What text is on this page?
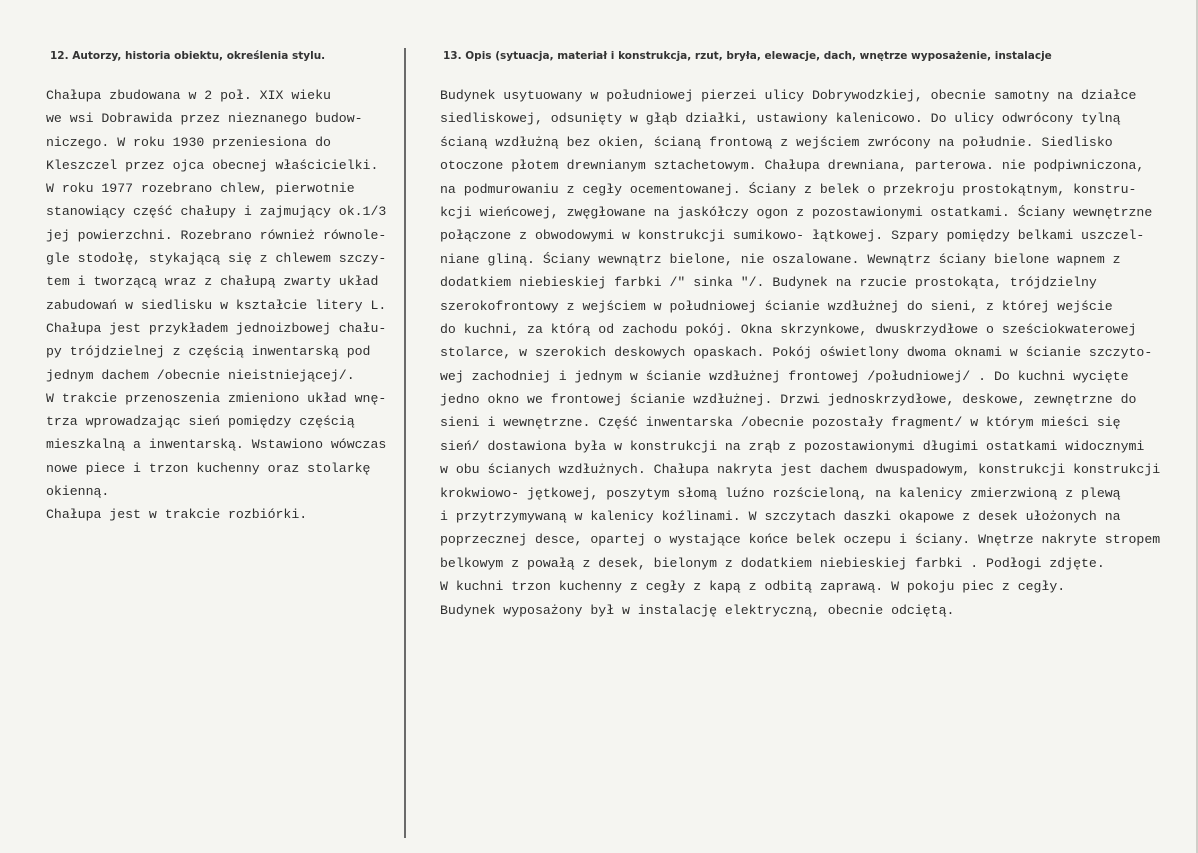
12. Autorzy, historia obiektu, określenia stylu.	13. Opis (sytuacja, materiał i konstrukcja, rzut, bryła, elewacje, dach, wnętrze wyposażenie, instalacje
Chałupa zbudowana w 2 poł. XIX wieku
we wsi Dobrawida przez nieznanego budow-
niczego. W roku 1930 przeniesiona do
Kleszczel przez ojca obecnej właścicielki.
W roku 1977 rozebrano chlew, pierwotnie
stanowiący część chałupy i zajmujący ok.1/3
jej powierzchni. Rozebrano również równole-
gle stodołę, stykającą się z chlewem szczy-
tem i tworzącą wraz z chałupą zwarty układ
zabudowań w siedlisku w kształcie litery L.
Chałupa jest przykładem jednoizbowej chału-
py trójdzielnej z częścią inwentarską pod
jednym dachem /obecnie nieistniejącej/.
W trakcie przenoszenia zmieniono układ wnę-
trza wprowadzając sień pomiędzy częścią
mieszkalną a inwentarską. Wstawiono wówczas
nowe piece i trzon kuchenny oraz stolarkę
okienną.
Chałupa jest w trakcie rozbiórki.
Budynek usytuowany w południowej pierzei ulicy Dobrywodzkiej, obecnie samotny na działce
siedliskowej, odsunięty w głąb działki, ustawiony kalenicowo. Do ulicy odwrócony tylną
ścianą wzdłużną bez okien, ścianą frontową z wejściem zwrócony na południe. Siedlisko
otoczone płotem drewnianym sztachetowym. Chałupa drewniana, parterowa. nie podpiwniczona,
na podmurowaniu z cegły ocementowanej. Ściany z belek o przekroju prostokątnym, konstru-
kcji wieńcowej, zwęgłowane na jaskółczy ogon z pozostawionymi ostatkami. Ściany wewnętrzne
połączone z obwodowymi w konstrukcji sumikowo- łątkowej. Szpary pomiędzy belkami uszczel-
niane gliną. Ściany wewnątrz bielone, nie oszalowane. Wewnątrz ściany bielone wapnem z
dodatkiem niebieskiej farbki /" sinka "/. Budynek na rzucie prostokąta, trójdzielny
szerokofrontowy z wejściem w południowej ścianie wzdłużnej do sieni, z której wejście
do kuchni, za którą od zachodu pokój. Okna skrzynkowe, dwuskrzydłowe o sześciokwaterowej
stolarce, w szerokich deskowych opaskach. Pokój oświetlony dwoma oknami w ścianie szczyto-
wej zachodniej i jednym w ścianie wzdłużnej frontowej /południowej/ . Do kuchni wycięte
jedno okno we frontowej ścianie wzdłużnej. Drzwi jednoskrzydłowe, deskowe, zewnętrzne do
sieni i wewnętrzne. Część inwentarska /obecnie pozostały fragment/ w którym mieści się
sień/ dostawiona była w konstrukcji na zrąb z pozostawionymi długimi ostatkami widocznymi
w obu ścianych wzdłużnych. Chałupa nakryta jest dachem dwuspadowym, konstrukcji konstrukcji
krokwiowo- jętkowej, poszytym słomą luźno rozścieloną, na kalenicy zmierzwioną z plewą
i przytrzymywaną w kalenicy koźlinami. W szczytach daszki okapowe z desek ułożonych na
poprzecznej desce, opartej o wystające końce belek oczepu i ściany. Wnętrze nakryte stropem
belkowym z powałą z desek, bielonym z dodatkiem niebieskiej farbki . Podłogi zdjęte.
W kuchni trzon kuchenny z cegły z kapą z odbitą zaprawą. W pokoju piec z cegły.
Budynek wyposażony był w instalację elektryczną, obecnie odciętą.
